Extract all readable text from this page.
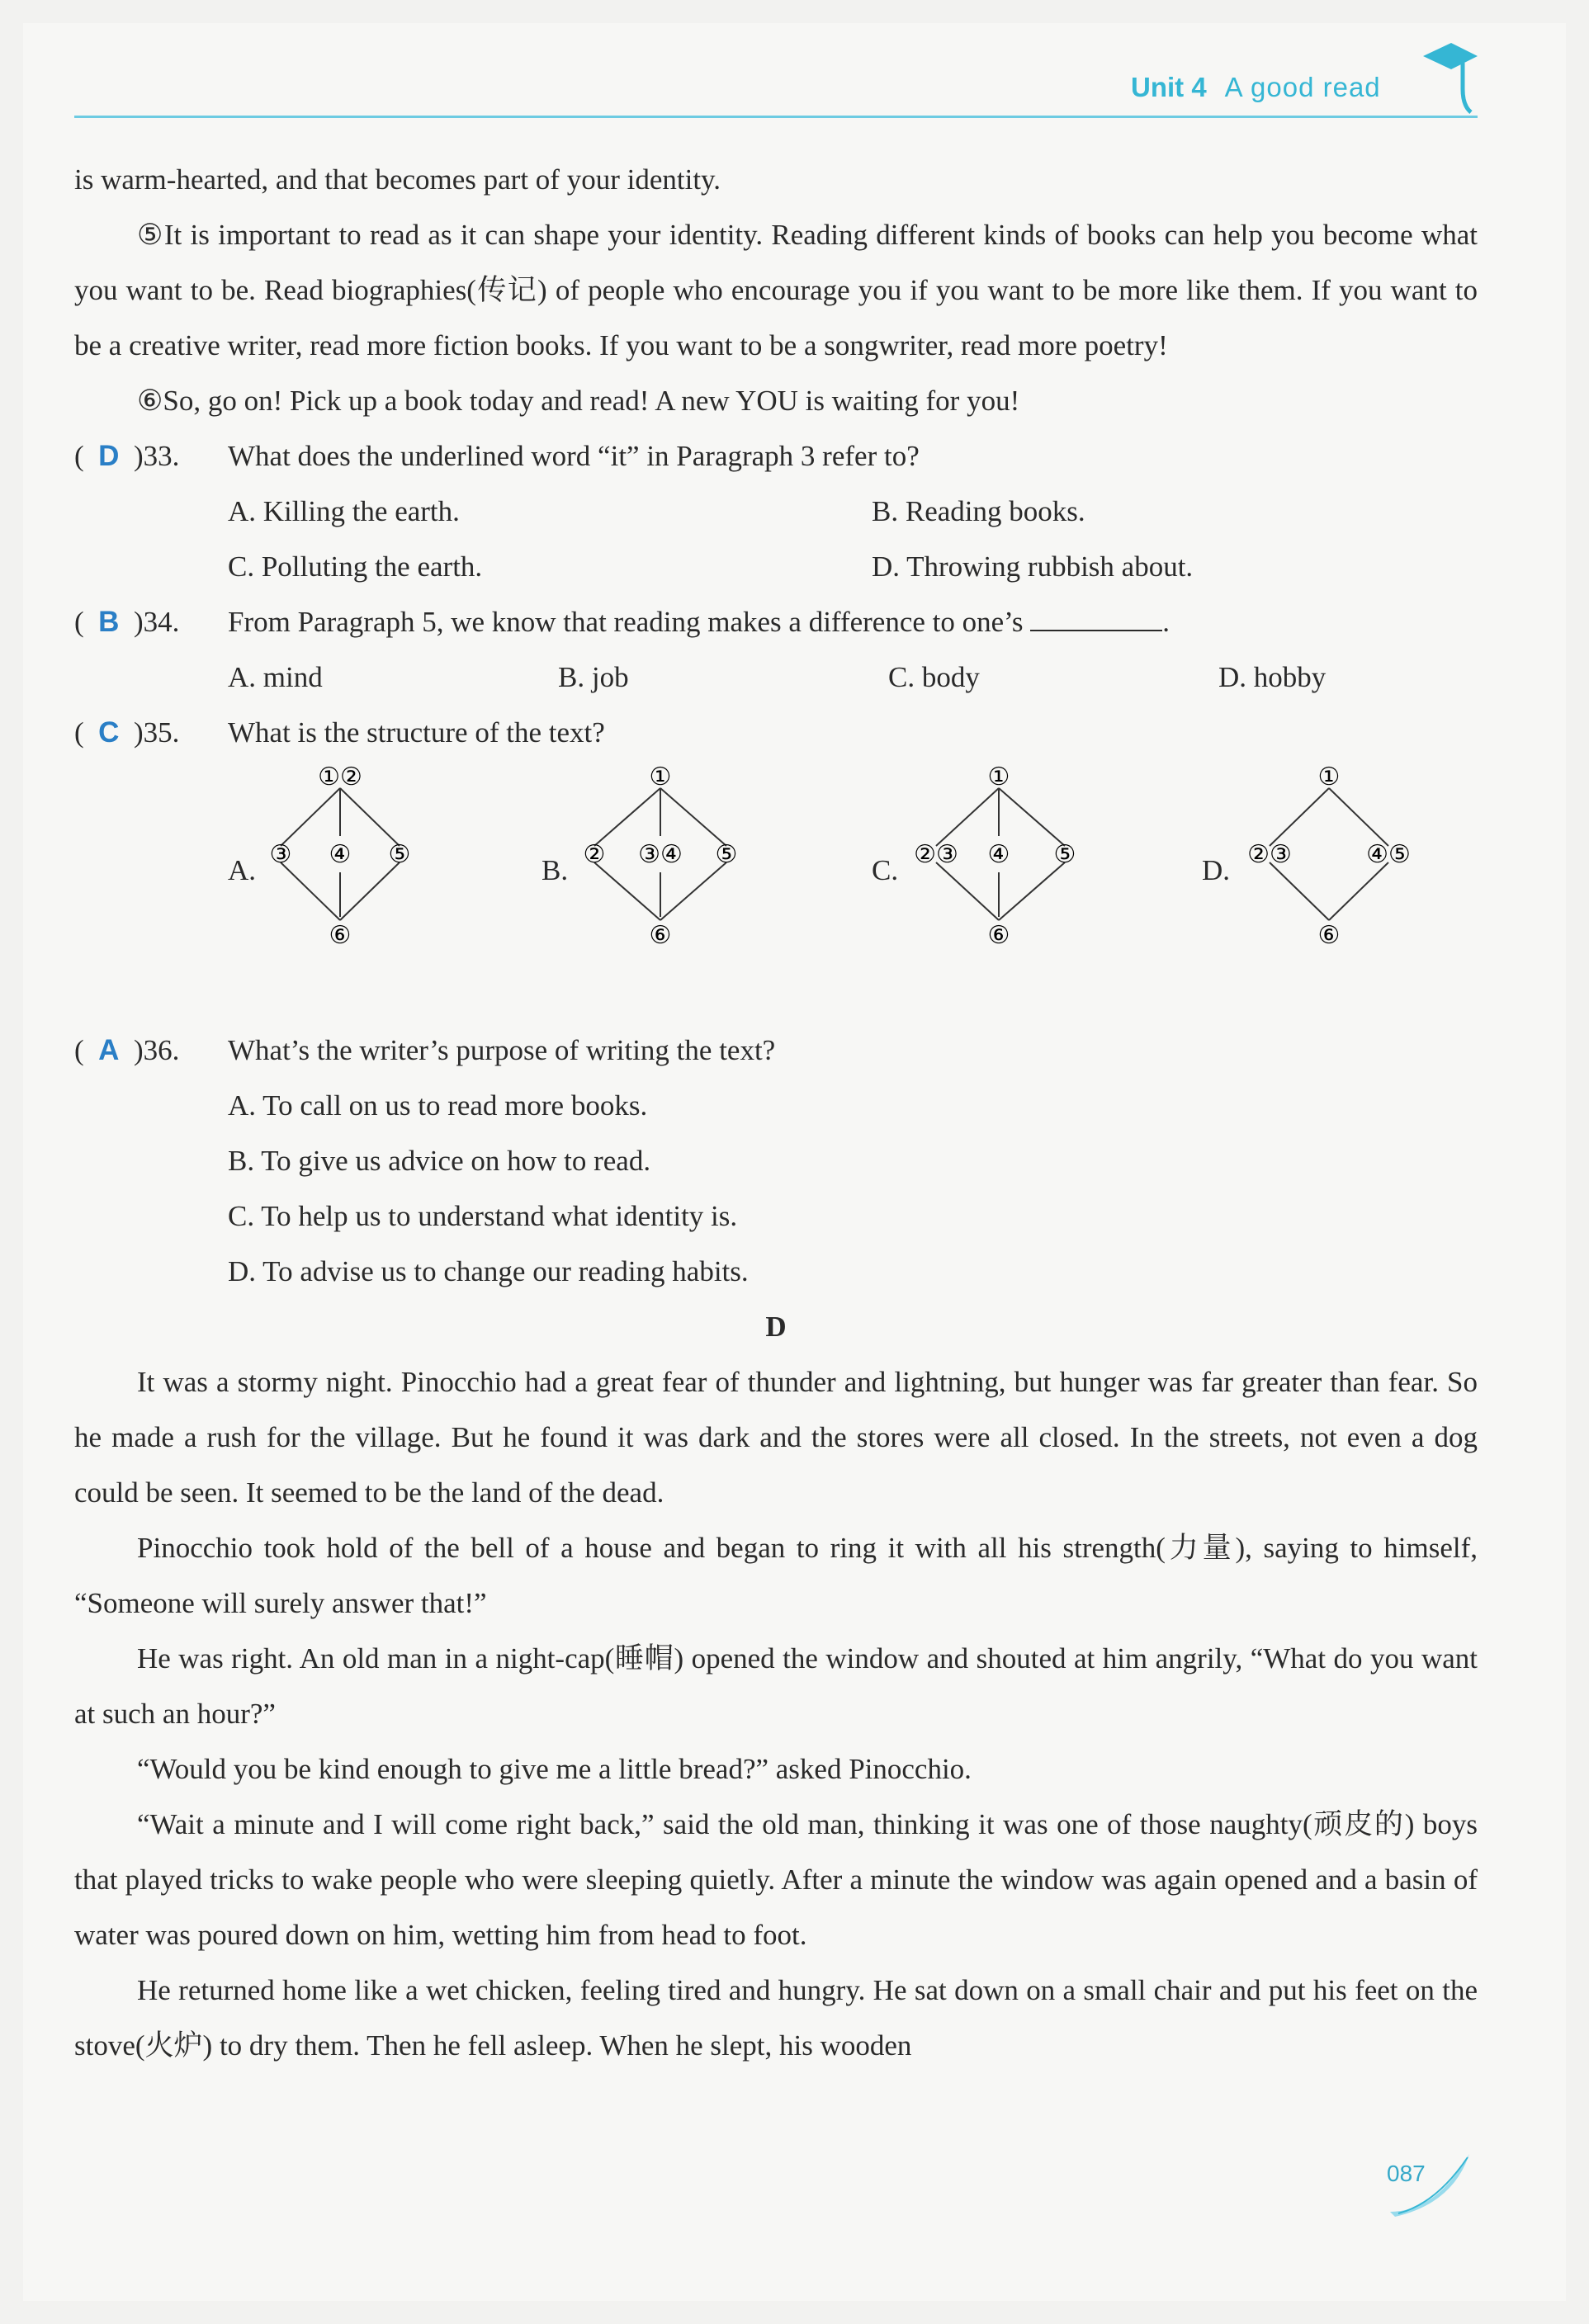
Unit 4 A good read

is warm-hearted, and that becomes part of your identity.

⑤It is important to read as it can shape your identity. Reading different kinds of books can help you become what you want to be. Read biographies(传记) of people who encourage you if you want to be more like them. If you want to be a creative writer, read more fiction books. If you want to be a songwriter, read more poetry!

⑥So, go on! Pick up a book today and read! A new YOU is waiting for you!

(  D )33.	What does the underlined word “it” in Paragraph 3 refer to?
A. Killing the earth.	B. Reading books.
C. Polluting the earth.	D. Throwing rubbish about.
(  B )34.	From Paragraph 5, we know that reading makes a difference to one’s	.
A. mind	B. job	C. body	D. hobby
(  C )35.	What is the structure of the text?
A.
①②
③ ④ ⑤
⑥
B.
①
② ③④ ⑤
⑥
C.
①
②③ ④ ⑤
⑥
D.
①
②③	④⑤
⑥
(  A )36.	What’s the writer’s purpose of writing the text?
A. To call on us to read more books.
B. To give us advice on how to read.
C. To help us to understand what identity is.
D. To advise us to change our reading habits.

D

It was a stormy night. Pinocchio had a great fear of thunder and lightning, but hunger was far greater than fear. So he made a rush for the village. But he found it was dark and the stores were all closed. In the streets, not even a dog could be seen. It seemed to be the land of the dead.

Pinocchio took hold of the bell of a house and began to ring it with all his strength(力量), saying to himself, “Someone will surely answer that!”

He was right. An old man in a night-cap(睡帽) opened the window and shouted at him angrily, “What do you want at such an hour?”

“Would you be kind enough to give me a little bread?” asked Pinocchio.

“Wait a minute and I will come right back,” said the old man, thinking it was one of those naughty(顽皮的) boys that played tricks to wake people who were sleeping quietly. After a minute the window was again opened and a basin of water was poured down on him, wetting him from head to foot.

He returned home like a wet chicken, feeling tired and hungry. He sat down on a small chair and put his feet on the stove(火炉) to dry them. Then he fell asleep. When he slept, his wooden

087
